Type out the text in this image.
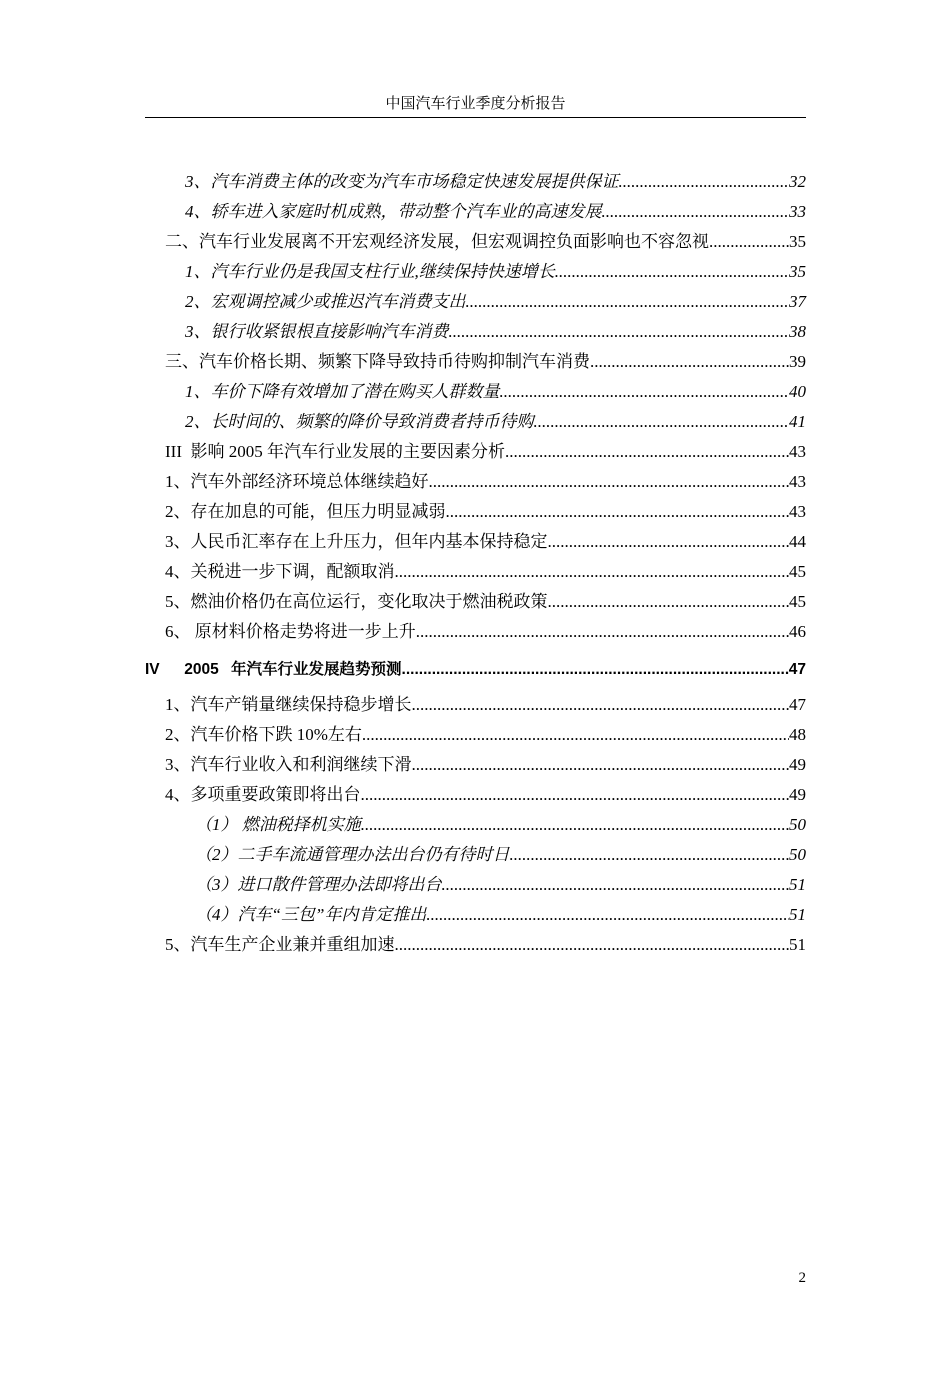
中国汽车行业季度分析报告
3、汽车消费主体的改变为汽车市场稳定快速发展提供保证 .....	32
4、轿车进入家庭时机成熟，带动整个汽车业的高速发展 .....	33
二、汽车行业发展离不开宏观经济发展，但宏观调控负面影响也不容忽视. .....	35
1、汽车行业仍是我国支柱行业,继续保持快速增长 .....	35
2、宏观调控减少或推迟汽车消费支出 .....	37
3、银行收紧银根直接影响汽车消费 .....	38
三、汽车价格长期、频繁下降导致持币待购抑制汽车消费 .....	39
1、车价下降有效增加了潜在购买人群数量 .....	40
2、长时间的、频繁的降价导致消费者持币待购 .....	41
III  影响 2005 年汽车行业发展的主要因素分析 .....	43
1、汽车外部经济环境总体继续趋好 .....	43
2、存在加息的可能，但压力明显减弱 .....	43
3、人民币汇率存在上升压力，但年内基本保持稳定 .....	44
4、关税进一步下调，配额取消 .....	45
5、燃油价格仍在高位运行，变化取决于燃油税政策 .....	45
6、 原材料价格走势将进一步上升 .....	46
IV  2005 年汽车行业发展趋势预测 .....	47
1、汽车产销量继续保持稳步增长 .....	47
2、汽车价格下跌 10%左右 .....	48
3、汽车行业收入和利润继续下滑 .....	49
4、多项重要政策即将出台 .....	49
（1） 燃油税择机实施 .....	50
（2）二手车流通管理办法出台仍有待时日 .....	50
（3）进口散件管理办法即将出台 .....	51
（4）汽车“三包”年内肯定推出 .....	51
5、汽车生产企业兼并重组加速 .....	51
2
